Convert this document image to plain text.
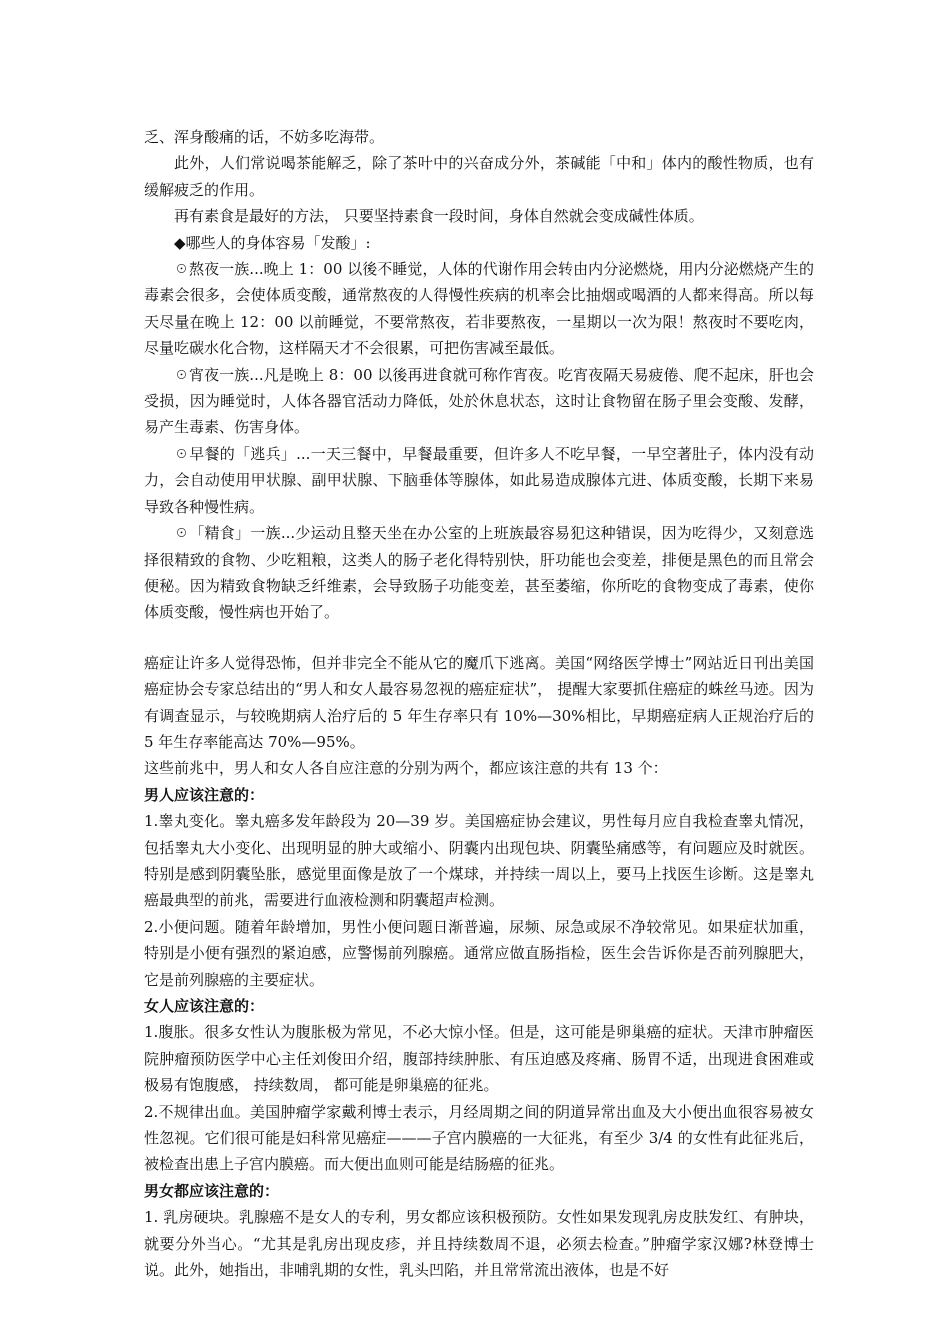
乏、浑身酸痛的话，不妨多吃海带。

此外，人们常说喝茶能解乏，除了茶叶中的兴奋成分外，茶碱能「中和」体内的酸性物质，也有缓解疲乏的作用。

再有素食是最好的方法， 只要坚持素食一段时间，身体自然就会变成碱性体质。

◆哪些人的身体容易「发酸」:

☉熬夜一族...晚上 1：00 以後不睡觉，人体的代谢作用会转由内分泌燃烧，用内分泌燃烧产生的毒素会很多，会使体质变酸，通常熬夜的人得慢性疾病的机率会比抽烟或喝酒的人都来得高。所以每天尽量在晚上 12：00 以前睡觉，不要常熬夜，若非要熬夜，一星期以一次为限！熬夜时不要吃肉，尽量吃碳水化合物，这样隔天才不会很累，可把伤害减至最低。

☉宵夜一族...凡是晚上 8：00 以後再进食就可称作宵夜。吃宵夜隔天易疲倦、爬不起床，肝也会受损，因为睡觉时，人体各器官活动力降低，处於休息状态，这时让食物留在肠子里会变酸、发酵，易产生毒素、伤害身体。

☉早餐的「逃兵」...一天三餐中，早餐最重要，但许多人不吃早餐，一早空著肚子，体内没有动力，会自动使用甲状腺、副甲状腺、下脑垂体等腺体，如此易造成腺体亢进、体质变酸，长期下来易导致各种慢性病。

☉「精食」一族...少运动且整天坐在办公室的上班族最容易犯这种错误，因为吃得少，又刻意选择很精致的食物、少吃粗粮，这类人的肠子老化得特别快，肝功能也会变差，排便是黑色的而且常会便秘。因为精致食物缺乏纤维素，会导致肠子功能变差，甚至萎缩，你所吃的食物变成了毒素，使你体质变酸，慢性病也开始了。

癌症让许多人觉得恐怖，但并非完全不能从它的魔爪下逃离。美国“网络医学博士”网站近日刊出美国癌症协会专家总结出的“男人和女人最容易忽视的癌症症状”， 提醒大家要抓住癌症的蛛丝马迹。因为有调查显示，与较晚期病人治疗后的 5 年生存率只有 10%—30%相比，早期癌症病人正规治疗后的 5 年生存率能高达 70%—95%。

这些前兆中，男人和女人各自应注意的分别为两个，都应该注意的共有 13 个：

男人应该注意的：

1.睾丸变化。睾丸癌多发年龄段为 20—39 岁。美国癌症协会建议，男性每月应自我检查睾丸情况，包括睾丸大小变化、出现明显的肿大或缩小、阴囊内出现包块、阴囊坠痛感等，有问题应及时就医。特别是感到阴囊坠胀，感觉里面像是放了一个煤球，并持续一周以上，要马上找医生诊断。这是睾丸癌最典型的前兆，需要进行血液检测和阴囊超声检测。

2.小便问题。随着年龄增加，男性小便问题日渐普遍，尿频、尿急或尿不净较常见。如果症状加重，特别是小便有强烈的紧迫感，应警惕前列腺癌。通常应做直肠指检，医生会告诉你是否前列腺肥大，它是前列腺癌的主要症状。

女人应该注意的：

1.腹胀。很多女性认为腹胀极为常见，不必大惊小怪。但是，这可能是卵巢癌的症状。天津市肿瘤医院肿瘤预防医学中心主任刘俊田介绍，腹部持续肿胀、有压迫感及疼痛、肠胃不适，出现进食困难或极易有饱腹感， 持续数周， 都可能是卵巢癌的征兆。

2.不规律出血。美国肿瘤学家戴利博士表示，月经周期之间的阴道异常出血及大小便出血很容易被女性忽视。它们很可能是妇科常见癌症———子宫内膜癌的一大征兆，有至少 3/4 的女性有此征兆后， 被检查出患上子宫内膜癌。而大便出血则可能是结肠癌的征兆。

男女都应该注意的：

1. 乳房硬块。乳腺癌不是女人的专利，男女都应该积极预防。女性如果发现乳房皮肤发红、有肿块，就要分外当心。“尤其是乳房出现皮疹，并且持续数周不退，必须去检查。”肿瘤学家汉娜?林登博士说。此外，她指出，非哺乳期的女性，乳头凹陷，并且常常流出液体，也是不好
